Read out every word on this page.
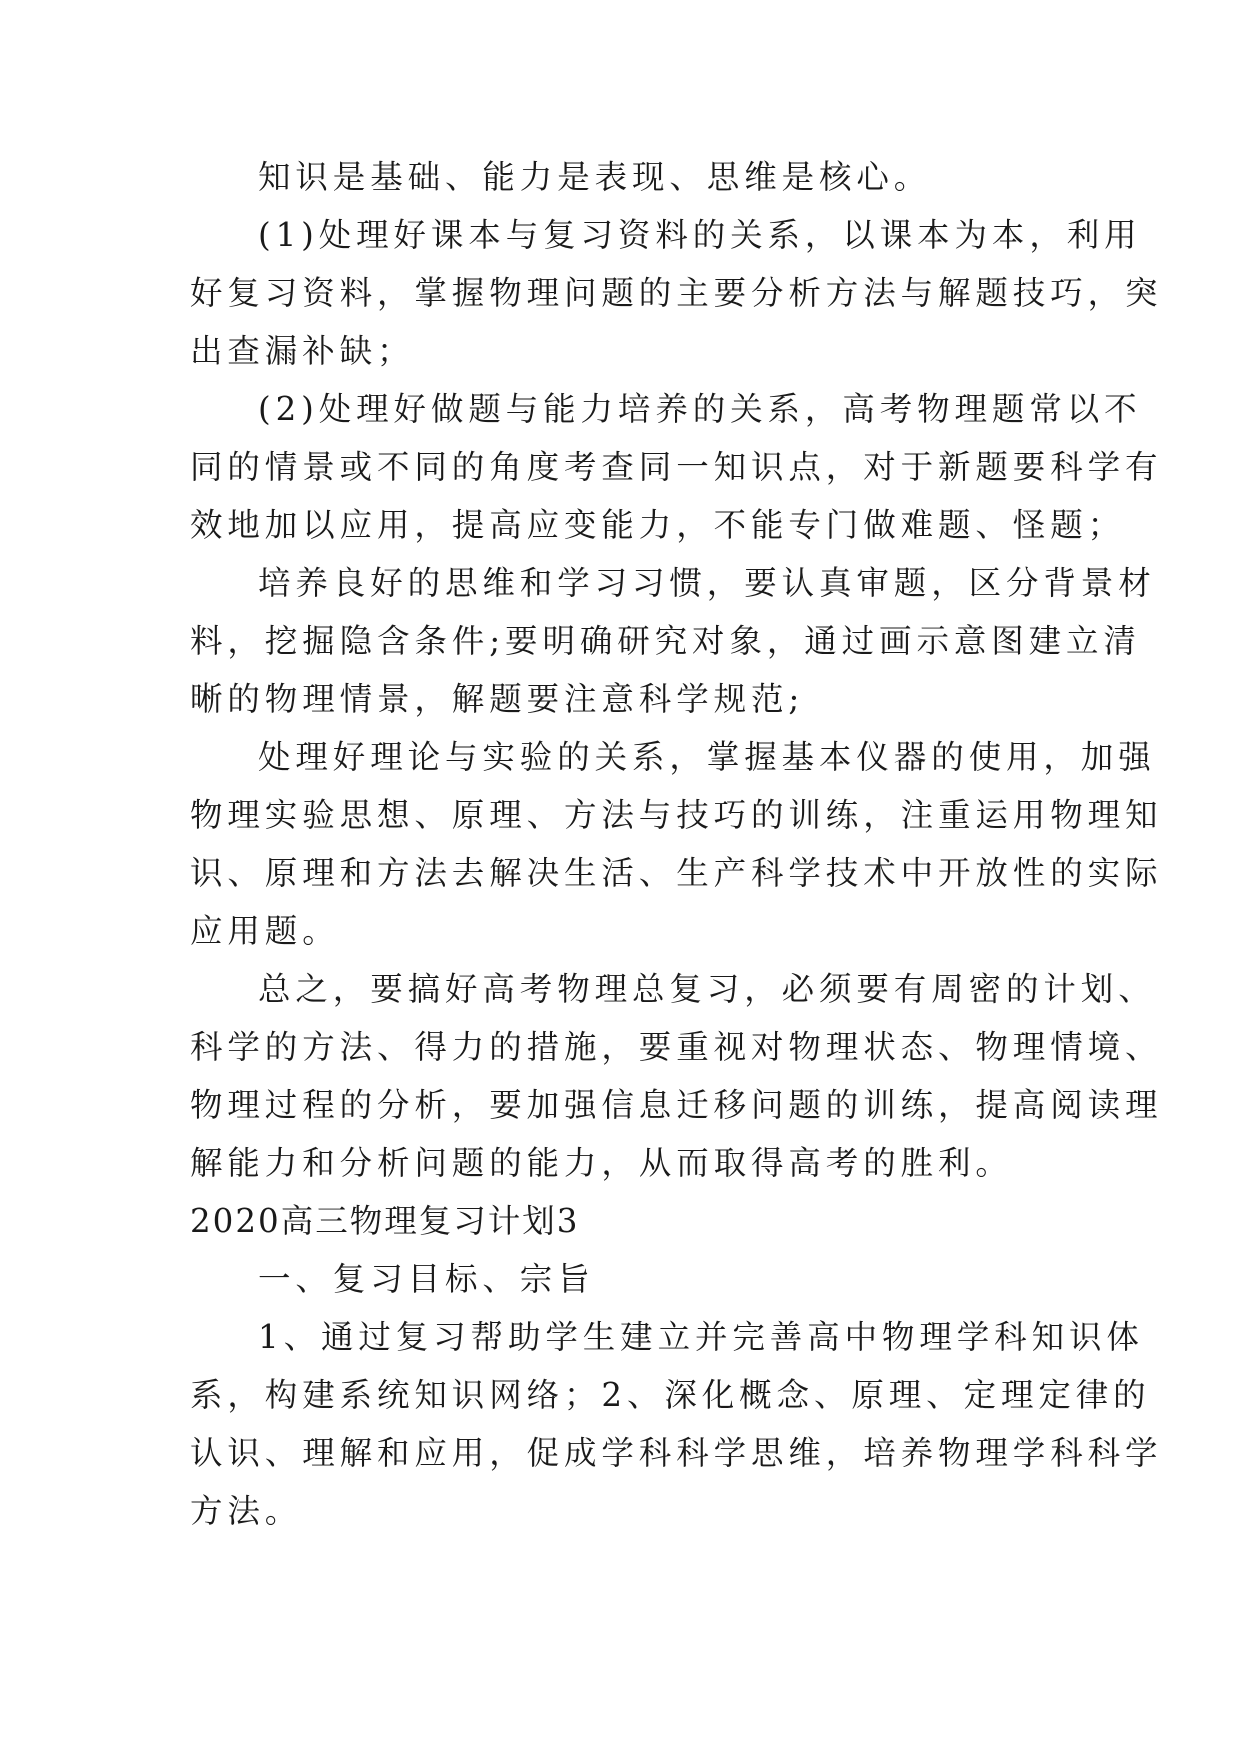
知识是基础、能力是表现、思维是核心。

(1)处理好课本与复习资料的关系，以课本为本，利用
好复习资料，掌握物理问题的主要分析方法与解题技巧，突
出查漏补缺；

(2)处理好做题与能力培养的关系，高考物理题常以不
同的情景或不同的角度考查同一知识点，对于新题要科学有
效地加以应用，提高应变能力，不能专门做难题、怪题；

培养良好的思维和学习习惯，要认真审题，区分背景材
料，挖掘隐含条件;要明确研究对象，通过画示意图建立清
晰的物理情景，解题要注意科学规范;

处理好理论与实验的关系，掌握基本仪器的使用，加强
物理实验思想、原理、方法与技巧的训练，注重运用物理知
识、原理和方法去解决生活、生产科学技术中开放性的实际
应用题。

总之，要搞好高考物理总复习，必须要有周密的计划、
科学的方法、得力的措施，要重视对物理状态、物理情境、
物理过程的分析，要加强信息迁移问题的训练，提高阅读理
解能力和分析问题的能力，从而取得高考的胜利。

2020高三物理复习计划3

一、复习目标、宗旨

1、通过复习帮助学生建立并完善高中物理学科知识体
系，构建系统知识网络；2、深化概念、原理、定理定律的
认识、理解和应用，促成学科科学思维，培养物理学科科学
方法。
